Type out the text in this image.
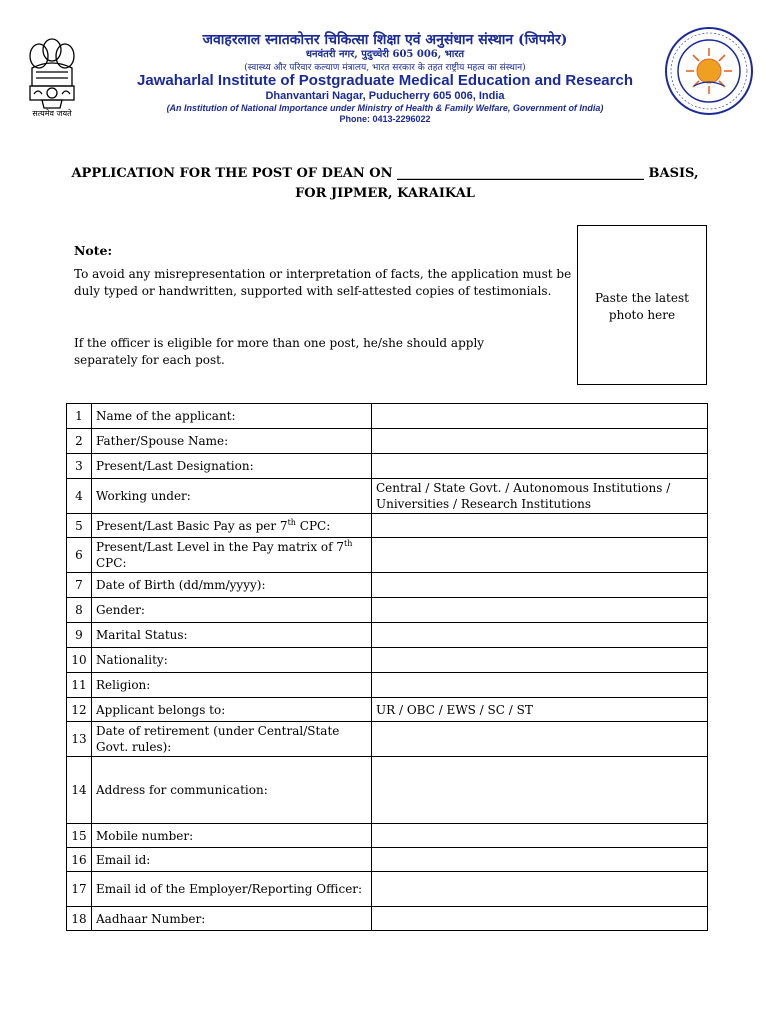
सत्यमेव जयते
जवाहरलाल स्नातकोत्तर चिकित्सा शिक्षा एवं अनुसंधान संस्थान (जिपमेर)
धनवंतरी नगर, पुदुच्चेरी 605 006, भारत
(स्वास्थ्य और परिवार कल्याण मंत्रालय, भारत सरकार के तहत राष्ट्रीय महत्व का संस्थान)
Jawaharlal Institute of Postgraduate Medical Education and Research
Dhanvantari Nagar, Puducherry 605 006, India
(An Institution of National Importance under Ministry of Health & Family Welfare, Government of India)
Phone: 0413-2296022
APPLICATION FOR THE POST OF DEAN ON ______________________________________ BASIS,
FOR JIPMER, KARAIKAL
Note:
To avoid any misrepresentation or interpretation of facts, the application must be duly typed or handwritten, supported with self-attested copies of testimonials.
If the officer is eligible for more than one post, he/she should apply separately for each post.
Paste the latest photo here
1	Name of the applicant:	
2	Father/Spouse Name:	
3	Present/Last Designation:	
4	Working under:	Central / State Govt. / Autonomous Institutions / Universities / Research Institutions
5	Present/Last Basic Pay as per 7th CPC:	
6	Present/Last Level in the Pay matrix of 7th CPC:	
7	Date of Birth (dd/mm/yyyy):	
8	Gender:	
9	Marital Status:	
10	Nationality:	
11	Religion:	
12	Applicant belongs to:	UR / OBC / EWS / SC / ST
13	Date of retirement (under Central/State Govt. rules):	
14	Address for communication:	
15	Mobile number:	
16	Email id:	
17	Email id of the Employer/Reporting Officer:	
18	Aadhaar Number:	
